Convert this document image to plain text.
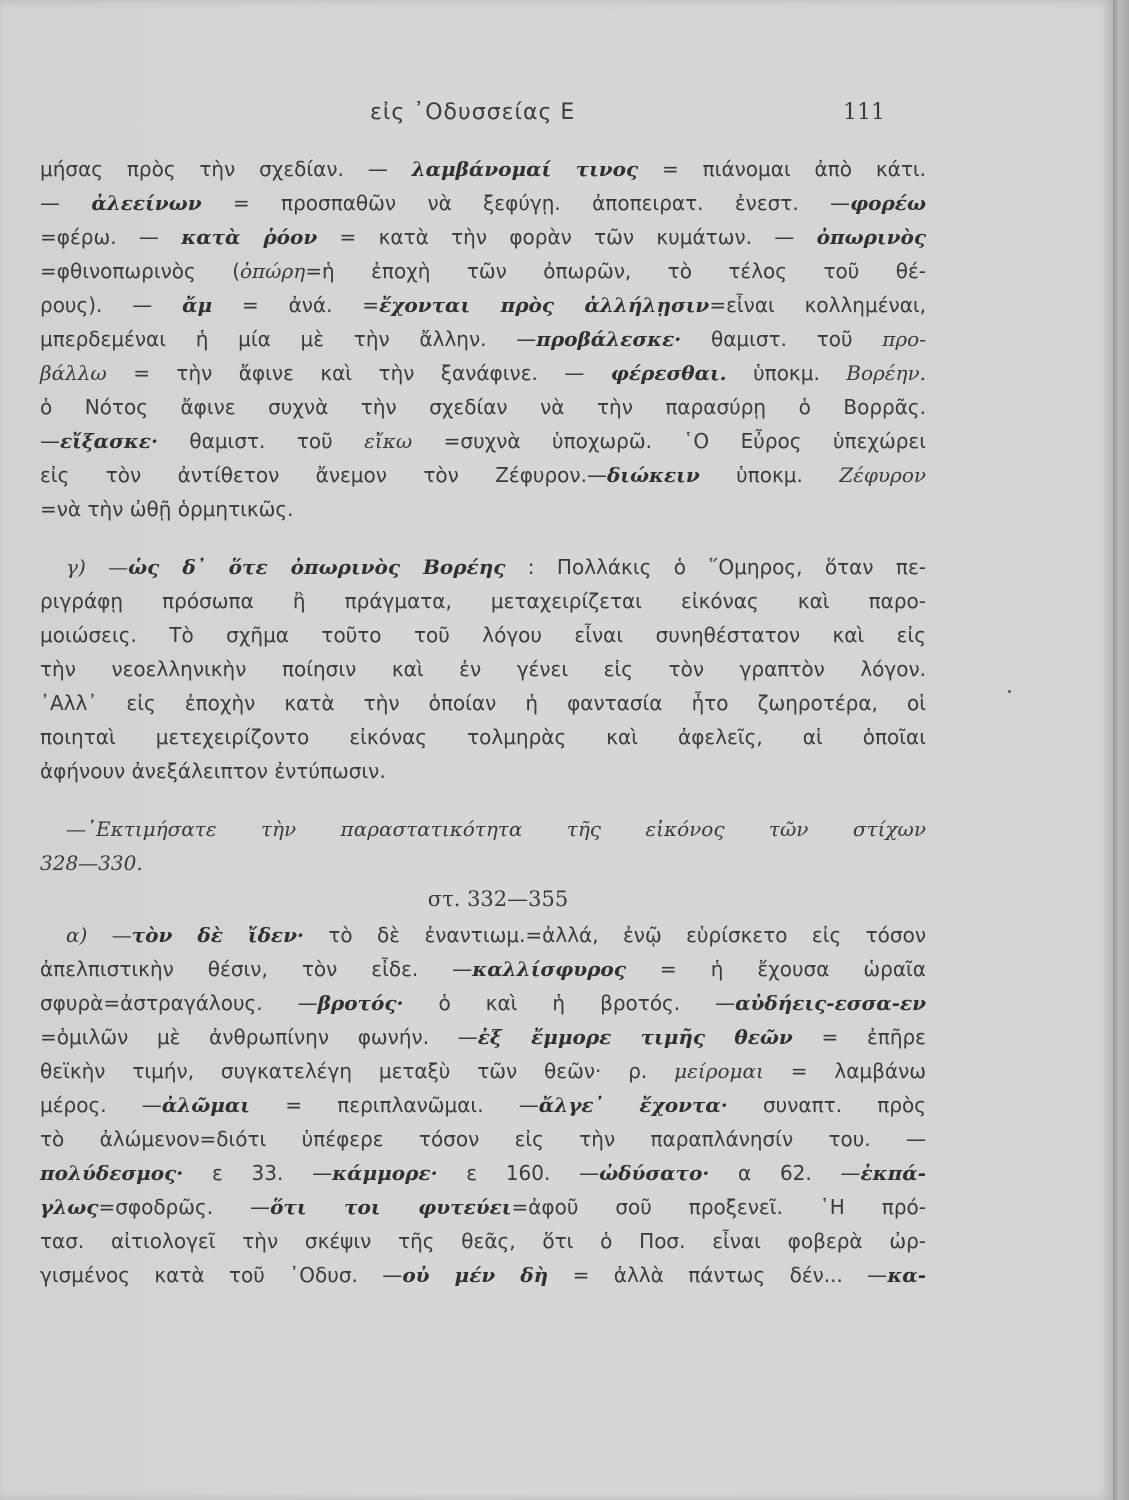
εἰς ᾿Οδυσσείας Ε	111
μήσας πρὸς τὴν σχεδίαν. — λαμβάνομαί τινος = πιάνομαι ἀπὸ κάτι.
— ἀλεείνων = προσπαθῶν νὰ ξεφύγῃ. ἀποπειρατ. ἐνεστ. —φορέω
=φέρω. — κατὰ ῥόον = κατὰ τὴν φορὰν τῶν κυμάτων. — ὀπωρινὸς
=φθινοπωρινὸς (ὀπώρη=ἡ ἐποχὴ τῶν ὀπωρῶν, τὸ τέλος τοῦ θέ-
ρους). — ἄμ = ἀνά. =ἔχονται πρὸς ἀλλήλῃσιν=εἶναι κολλημέναι,
μπερδεμέναι ἡ μία μὲ τὴν ἄλλην. —προβάλεσκε· θαμιστ. τοῦ προ-
βάλλω = τὴν ἄφινε καὶ τὴν ξανάφινε. — φέρεσθαι. ὑποκμ. Βορέην.
ὁ Νότος ἄφινε συχνὰ τὴν σχεδίαν νὰ τὴν παρασύρῃ ὁ Βορρᾶς.
—εἴξασκε· θαμιστ. τοῦ εἴκω =συχνὰ ὑποχωρῶ. ῾Ο Εὖρος ὑπεχώρει
εἰς τὸν ἀντίθετον ἄνεμον τὸν Ζέφυρον.—διώκειν ὑποκμ. Ζέφυρον
=νὰ τὴν ὠθῇ ὁρμητικῶς.
γ) —ὡς δ᾿ ὅτε ὀπωρινὸς Βορέης : Πολλάκις ὁ ῞Ομηρος, ὅταν πε-
ριγράφῃ πρόσωπα ἢ πράγματα, μεταχειρίζεται εἰκόνας καὶ παρο-
μοιώσεις. Τὸ σχῆμα τοῦτο τοῦ λόγου εἶναι συνηθέστατον καὶ εἰς
τὴν νεοελληνικὴν ποίησιν καὶ ἐν γένει εἰς τὸν γραπτὸν λόγον.
᾿Αλλ᾿ εἰς ἐποχὴν κατὰ τὴν ὁποίαν ἡ φαντασία ἦτο ζωηροτέρα, οἱ
ποιηταὶ μετεχειρίζοντο εἰκόνας τολμηρὰς καὶ ἀφελεῖς, αἱ ὁποῖαι
ἀφήνουν ἀνεξάλειπτον ἐντύπωσιν.
—᾿Εκτιμήσατε τὴν παραστατικότητα τῆς εἰκόνος τῶν στίχων
328—330.
στ. 332—355
α) —τὸν δὲ ἴδεν· τὸ δὲ ἐναντιωμ.=ἀλλά, ἐνῷ εὑρίσκετο εἰς τόσον
ἀπελπιστικὴν θέσιν, τὸν εἶδε. —καλλίσφυρος = ἡ ἔχουσα ὡραῖα
σφυρὰ=ἀστραγάλους. —βροτός· ὁ καὶ ἡ βροτός. —αὐδήεις-εσσα-εν
=ὁμιλῶν μὲ ἀνθρωπίνην φωνήν. —ἐξ ἔμμορε τιμῆς θεῶν = ἐπῆρε
θεϊκὴν τιμήν, συγκατελέγη μεταξὺ τῶν θεῶν· ρ. μείρομαι = λαμβάνω
μέρος. —ἀλῶμαι = περιπλανῶμαι. —ἄλγε᾿ ἔχοντα· συναπτ. πρὸς
τὸ ἀλώμενον=διότι ὑπέφερε τόσον εἰς τὴν παραπλάνησίν του. —
πολύδεσμος· ε 33. —κάμμορε· ε 160. —ὠδύσατο· α 62. —ἐκπά-
γλως=σφοδρῶς. —ὅτι τοι φυτεύει=ἀφοῦ σοῦ προξενεῖ. ῾Η πρό-
τασ. αἰτιολογεῖ τὴν σκέψιν τῆς θεᾶς, ὅτι ὁ Ποσ. εἶναι φοβερὰ ὠρ-
γισμένος κατὰ τοῦ ᾿Οδυσ. —οὐ μέν δὴ = ἀλλὰ πάντως δέν... —κα-
